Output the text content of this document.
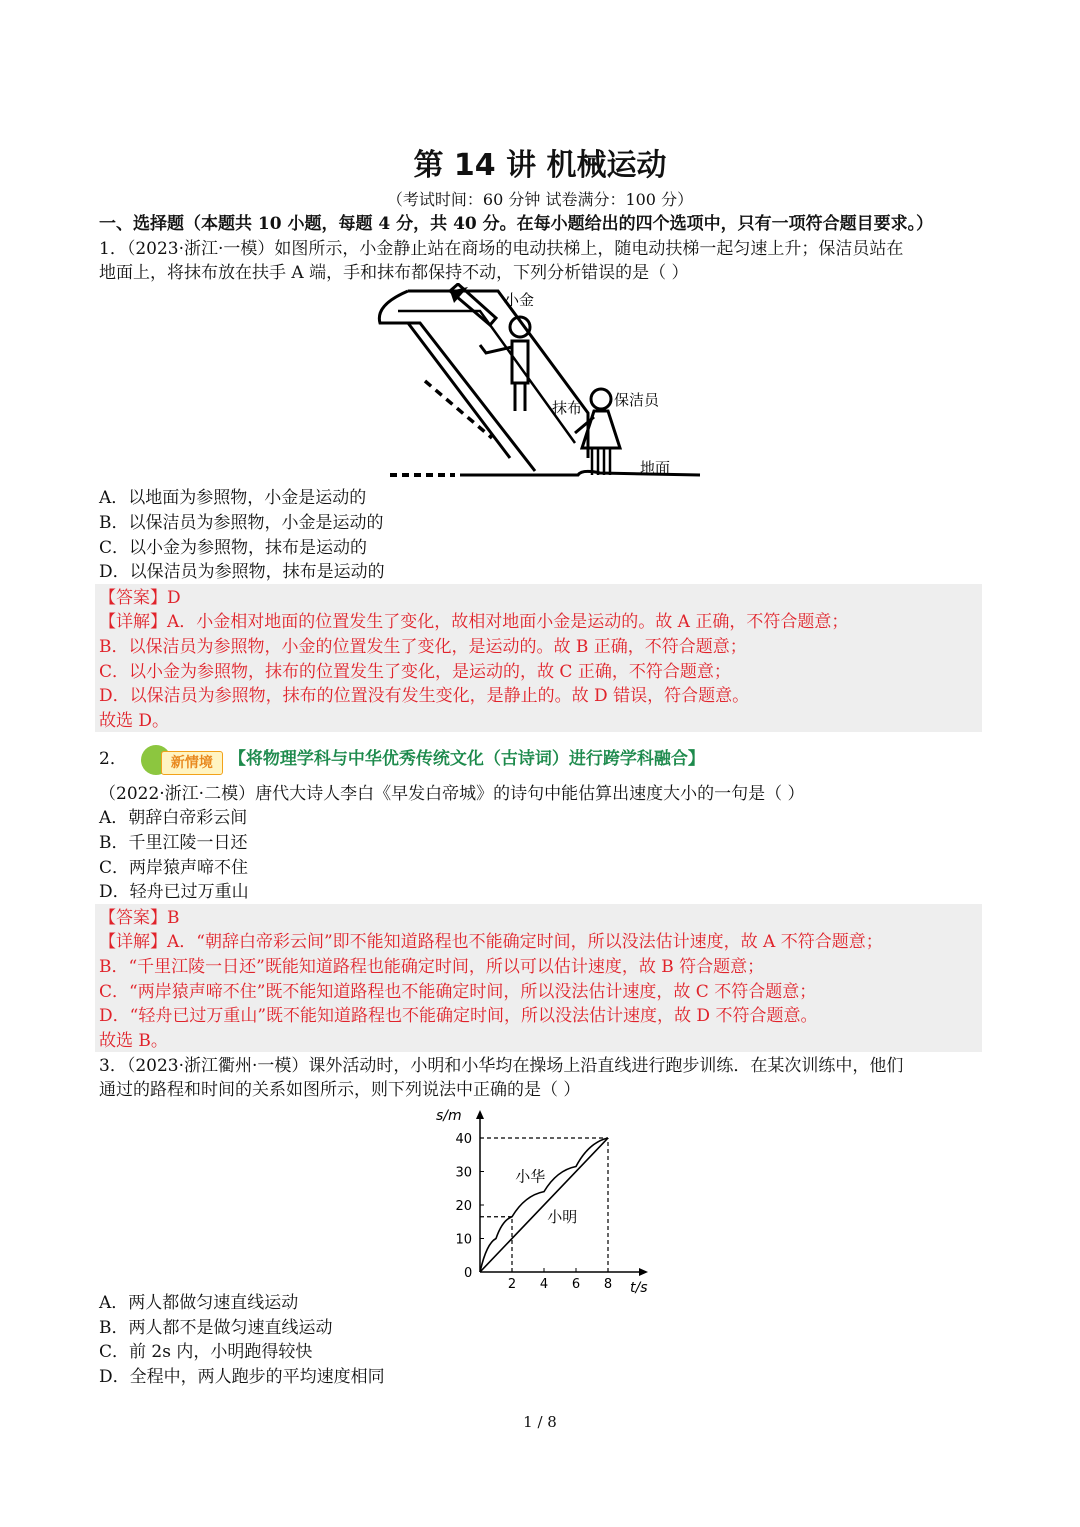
第 14 讲 机械运动
（考试时间：60 分钟 试卷满分：100 分）
一、选择题（本题共 10 小题，每题 4 分，共 40 分。在每小题给出的四个选项中，只有一项符合题目要求。）
1．（2023·浙江·一模）如图所示，小金静止站在商场的电动扶梯上，随电动扶梯一起匀速上升；保洁员站在
地面上，将抹布放在扶手 A 端，手和抹布都保持不动，下列分析错误的是（ ）
小金
抹布 保洁员
地面
A．以地面为参照物，小金是运动的
B．以保洁员为参照物，小金是运动的
C．以小金为参照物，抹布是运动的
D．以保洁员为参照物，抹布是运动的
【答案】D
【详解】A．小金相对地面的位置发生了变化，故相对地面小金是运动的。故 A 正确，不符合题意；
B．以保洁员为参照物，小金的位置发生了变化，是运动的。故 B 正确，不符合题意；
C．以小金为参照物，抹布的位置发生了变化，是运动的，故 C 正确，不符合题意；
D．以保洁员为参照物，抹布的位置没有发生变化，是静止的。故 D 错误，符合题意。
故选 D。
2．	新情境 【将物理学科与中华优秀传统文化（古诗词）进行跨学科融合】
（2022·浙江·二模）唐代大诗人李白《早发白帝城》的诗句中能估算出速度大小的一句是（ ）
A．朝辞白帝彩云间
B．千里江陵一日还
C．两岸猿声啼不住
D．轻舟已过万重山
【答案】B
【详解】A．“朝辞白帝彩云间”即不能知道路程也不能确定时间，所以没法估计速度，故 A 不符合题意；
B．“千里江陵一日还”既能知道路程也能确定时间，所以可以估计速度，故 B 符合题意；
C．“两岸猿声啼不住”既不能知道路程也不能确定时间，所以没法估计速度，故 C 不符合题意；
D．“轻舟已过万重山”既不能知道路程也不能确定时间，所以没法估计速度，故 D 不符合题意。
故选 B。
3．（2023·浙江衢州·一模）课外活动时，小明和小华均在操场上沿直线进行跑步训练．在某次训练中，他们
通过的路程和时间的关系如图所示，则下列说法中正确的是（ ）
s/m
t/s
0
2 4 6 8
10
20
30
40
小华
小明
A．两人都做匀速直线运动
B．两人都不是做匀速直线运动
C．前 2s 内，小明跑得较快
D．全程中，两人跑步的平均速度相同
1 / 8
